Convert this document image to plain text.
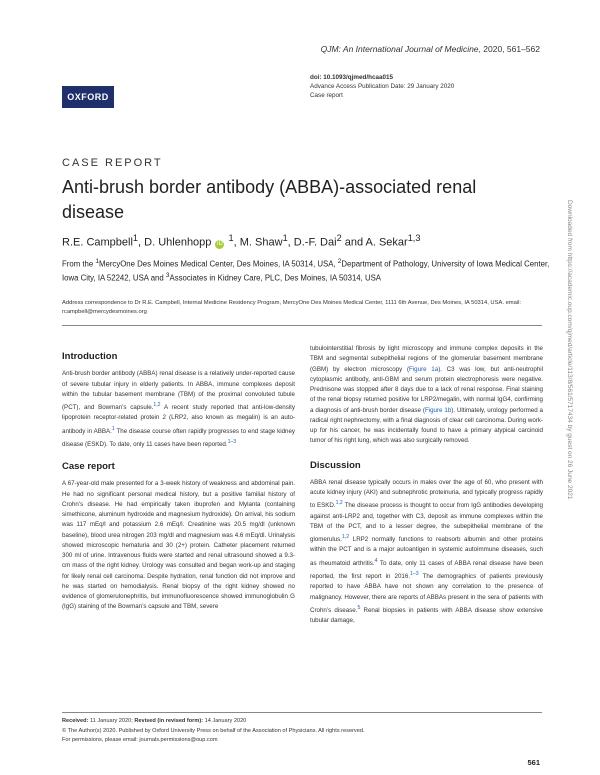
OXFORD
QJM: An International Journal of Medicine, 2020, 561–562
doi: 10.1093/qjmed/hcaa015
Advance Access Publication Date: 29 January 2020
Case report
CASE REPORT
Anti-brush border antibody (ABBA)-associated renal disease
R.E. Campbell$^1$, D. Uhlenhopp iD $^1$, M. Shaw$^1$, D.-F. Dai$^2$ and A. Sekar$^{1,3}$
From the $^1$MercyOne Des Moines Medical Center, Des Moines, IA 50314, USA, $^2$Department of Pathology, University of Iowa Medical Center, Iowa City, IA 52242, USA and $^3$Associates in Kidney Care, PLC, Des Moines, IA 50314, USA
Address correspondence to Dr R.E. Campbell, Internal Medicine Residency Program, MercyOne Des Moines Medical Center, 1111 6th Avenue, Des Moines, IA 50314, USA. email: rcampbell@mercydesmoines.org	Downloaded from https://academic.oup.com/qjmed/article/113/8/561/5717434 by guest on 26 June 2021
Introduction

Anti-brush border antibody (ABBA) renal disease is a relatively under-reported cause of severe tubular injury in elderly patients. In ABBA, immune complexes deposit within the tubular basement membrane (TBM) of the proximal convoluted tubule (PCT), and Bowman’s capsule.$^{1,2}$ A recent study reported that anti-low-density lipoprotein receptor-related protein 2 (LRP2, also known as megalin) is an auto-antibody in ABBA.$^1$ The disease course often rapidly progresses to end stage kidney disease (ESKD). To date, only 11 cases have been reported.$^{1-3}$

Case report

A 67-year-old male presented for a 3-week history of weakness and abdominal pain. He had no significant personal medical history, but a positive familial history of Crohn’s disease. He had empirically taken ibuprofen and Mylanta (containing simethicone, aluminum hydroxide and magnesium hydroxide). On arrival, his sodium was 117 mEq/l and potassium 2.6 mEq/l. Creatinine was 20.5 mg/dl (unknown baseline), blood urea nitrogen 203 mg/dl and magnesium was 4.6 mEq/dl. Urinalysis showed microscopic hematuria and 30 (2+) protein. Catheter placement returned 300 ml of urine. Intravenous fluids were started and renal ultrasound showed a 9.3-cm mass of the right kidney. Urology was consulted and began work-up and staging for likely renal cell carcinoma. Despite hydration, renal function did not improve and he was started on hemodialysis. Renal biopsy of the right kidney showed no evidence of glomerulonephritis, but immunofluorescence showed immunoglobulin G (IgG) staining of the Bowman’s capsule and TBM, severe

tubulointerstitial fibrosis by light microscopy and immune complex deposits in the TBM and segmental subepithelial regions of the glomerular basement membrane (GBM) by electron microscopy (Figure 1a). C3 was low, but anti-neutrophil cytoplasmic antibody, anti-GBM and serum protein electrophoresis were negative. Prednisone was stopped after 8 days due to a lack of renal response. Final staining of the renal biopsy returned positive for LRP2/megalin, with normal IgG4, confirming a diagnosis of anti-brush border disease (Figure 1b). Ultimately, urology performed a radical right nephrectomy, with a final diagnosis of clear cell carcinoma. During work-up for his cancer, he was incidentally found to have a primary atypical carcinoid tumor of his right lung, which was also surgically removed.

Discussion

ABBA renal disease typically occurs in males over the age of 60, who present with acute kidney injury (AKI) and subnephrotic proteinuria, and typically progress rapidly to ESKD.$^{1,2}$ The disease process is thought to occur from IgG antibodies developing against anti-LRP2 and, together with C3, deposit as immune complexes within the TBM of the PCT, and to a lesser degree, the subepithelial membrane of the glomerulus.$^{1,2}$ LRP2 normally functions to reabsorb albumin and other proteins within the PCT and is a major autoantigen in systemic autoimmune diseases, such as rheumatoid arthritis.$^4$ To date, only 11 cases of ABBA renal disease have been reported, the first report in 2016.$^{1-3}$ The demographics of patients previously reported to have ABBA have not shown any correlation to the presence of malignancy. However, there are reports of ABBAs present in the sera of patients with Crohn’s disease.$^5$ Renal biopsies in patients with ABBA disease show extensive tubular damage,

Received: 11 January 2020; Revised (in revised form): 14 January 2020
© The Author(s) 2020. Published by Oxford University Press on behalf of the Association of Physicians. All rights reserved.
For permissions, please email: journals.permissions@oup.com
561
